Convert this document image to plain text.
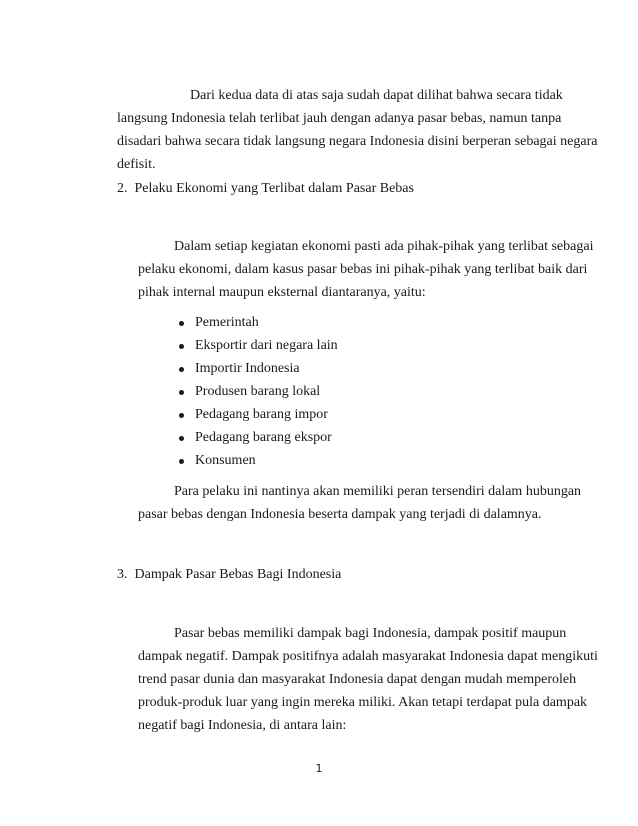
Dari kedua data di atas saja sudah dapat dilihat bahwa secara tidak
langsung Indonesia telah terlibat jauh dengan adanya pasar bebas, namun tanpa
disadari bahwa secara tidak langsung negara Indonesia disini berperan sebagai negara
defisit.
2.  Pelaku Ekonomi yang Terlibat dalam Pasar Bebas
Dalam setiap kegiatan ekonomi pasti ada pihak-pihak yang terlibat sebagai
pelaku ekonomi, dalam kasus pasar bebas ini pihak-pihak yang terlibat baik dari
pihak internal maupun eksternal diantaranya, yaitu:
Pemerintah
Eksportir dari negara lain
Importir Indonesia
Produsen barang lokal
Pedagang barang impor
Pedagang barang ekspor
Konsumen
Para pelaku ini nantinya akan memiliki peran tersendiri dalam hubungan
pasar bebas dengan Indonesia beserta dampak yang terjadi di dalamnya.
3.  Dampak Pasar Bebas Bagi Indonesia
Pasar bebas memiliki dampak bagi Indonesia, dampak positif maupun
dampak negatif. Dampak positifnya adalah masyarakat Indonesia dapat mengikuti
trend pasar dunia dan masyarakat Indonesia dapat dengan mudah memperoleh
produk-produk luar yang ingin mereka miliki. Akan tetapi terdapat pula dampak
negatif bagi Indonesia, di antara lain:
1
